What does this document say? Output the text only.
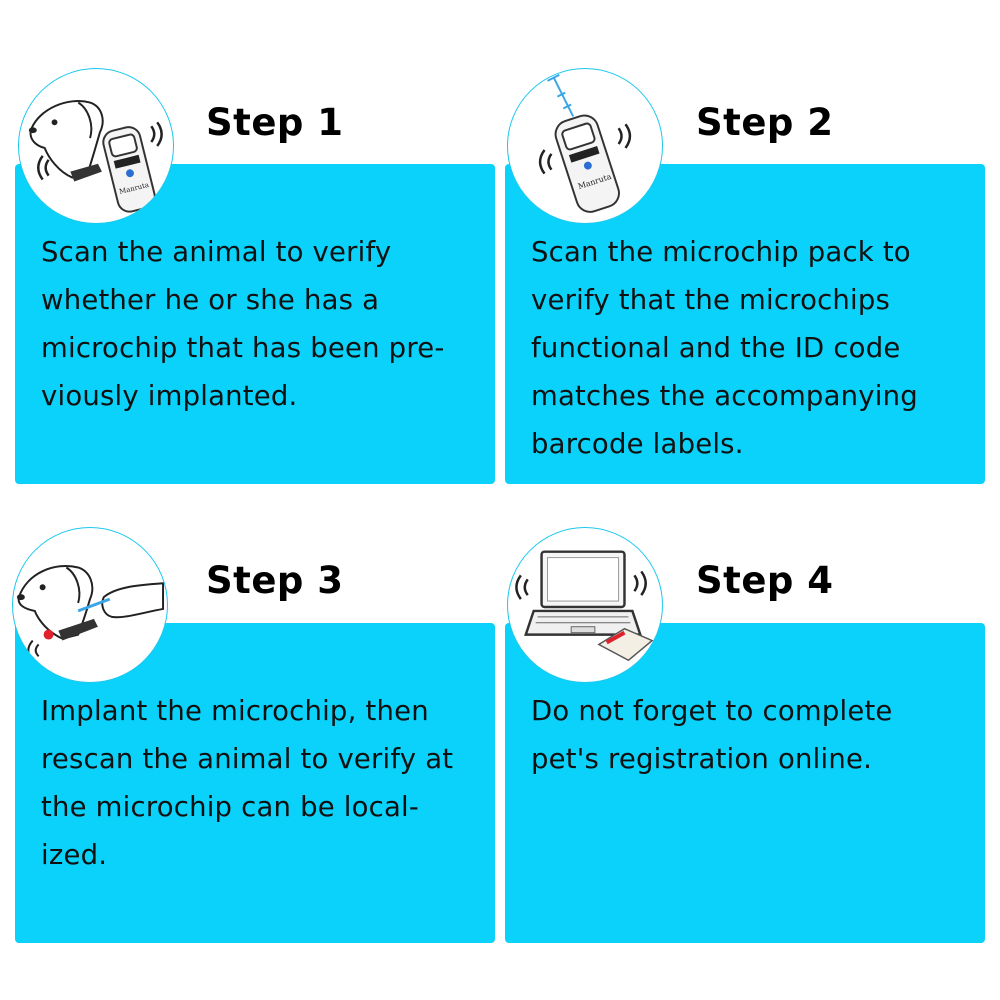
Scan the animal to verify
whether he or she has a
microchip that has been pre-
viously implanted.

Manruta
Step 1

Scan the microchip pack to
verify that the microchips
functional and the ID code
matches the accompanying
barcode labels.

Manruta
Step 2

Implant the microchip, then
rescan the animal to verify at
the microchip can be local-
ized.

Step 3

Do not forget to complete
pet's registration online.

Step 4
